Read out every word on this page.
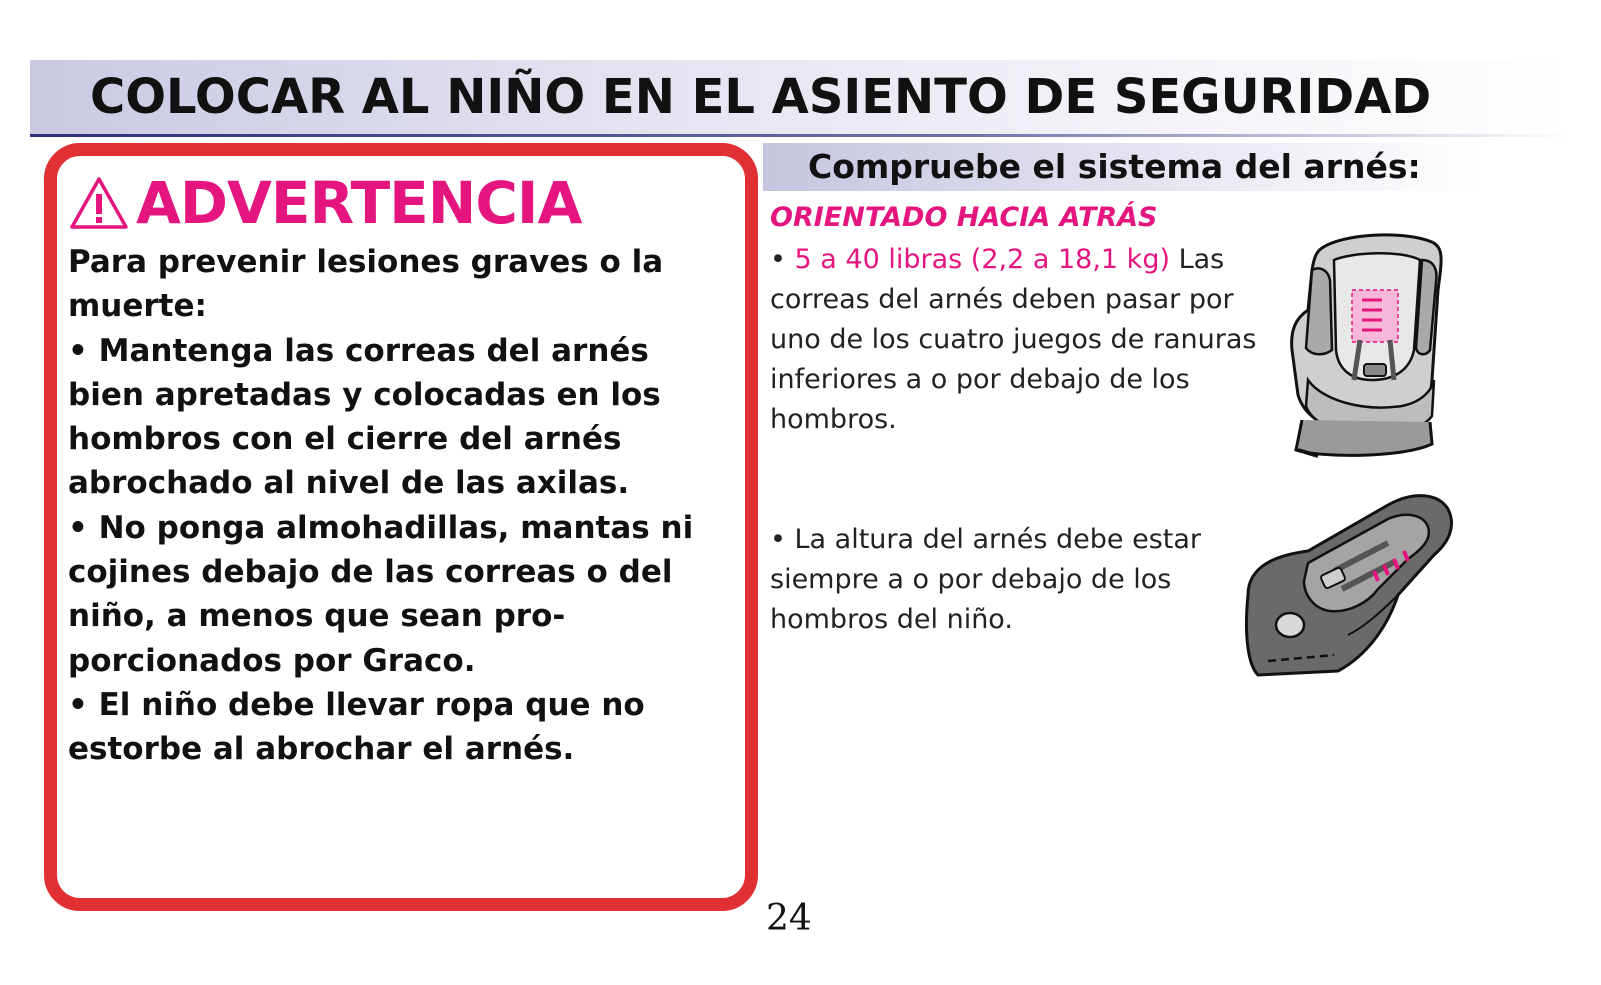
COLOCAR AL NIÑO EN EL ASIENTO DE SEGURIDAD
ADVERTENCIA

Para prevenir lesiones graves o la muerte:

• Mantenga las correas del arnés bien apretadas y colocadas en los hombros con el cierre del arnés abrochado al nivel de las axilas.

• No ponga almohadillas, mantas ni cojines debajo de las correas o del niño, a menos que sean pro-porcionados por Graco.

• El niño debe llevar ropa que no estorbe al abrochar el arnés.

Compruebe el sistema del arnés:
ORIENTADO HACIA ATRÁS
• 5 a 40 libras (2,2 a 18,1 kg) Las correas del arnés deben pasar por uno de los cuatro juegos de ranuras inferiores a o por debajo de los hombros.
• La altura del arnés debe estar siempre a o por debajo de los hombros del niño.
24
